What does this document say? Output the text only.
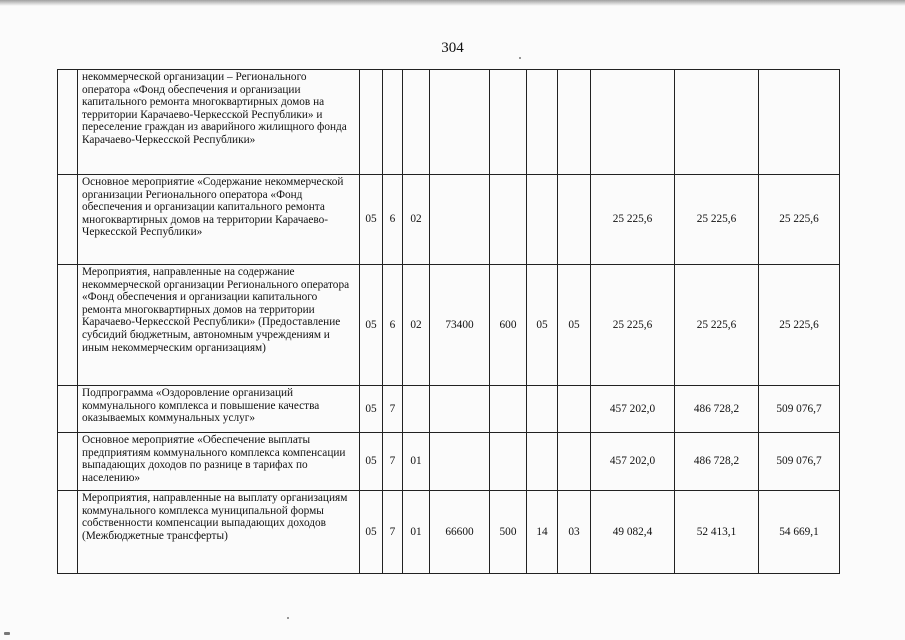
304
	некоммерческой организации – Регионального оператора «Фонд обеспечения и организации капитального ремонта многоквартирных домов на территории Карачаево-Черкесской Республики» и переселение граждан из аварийного жилищного фонда Карачаево-Черкесской Республики»										
	Основное мероприятие «Содержание некоммерческой организации Регионального оператора «Фонд обеспечения и организации капитального ремонта многоквартирных домов на территории Карачаево-Черкесской Республики»	05	6	02					25 225,6	25 225,6	25 225,6
	Мероприятия, направленные на содержание некоммерческой организации Регионального оператора «Фонд обеспечения и организации капитального ремонта многоквартирных домов на территории Карачаево-Черкесской Республики» (Предоставление субсидий бюджетным, автономным учреждениям и иным некоммерческим организациям)	05	6	02	73400	600	05	05	25 225,6	25 225,6	25 225,6
	Подпрограмма «Оздоровление организаций коммунального комплекса и повышение качества оказываемых коммунальных услуг»	05	7						457 202,0	486 728,2	509 076,7
	Основное мероприятие «Обеспечение выплаты предприятиям коммунального комплекса компенсации выпадающих доходов по разнице в тарифах по населению»	05	7	01					457 202,0	486 728,2	509 076,7
	Мероприятия, направленные на выплату организациям коммунального комплекса муниципальной формы собственности компенсации выпадающих доходов (Межбюджетные трансферты)	05	7	01	66600	500	14	03	49 082,4	52 413,1	54 669,1
